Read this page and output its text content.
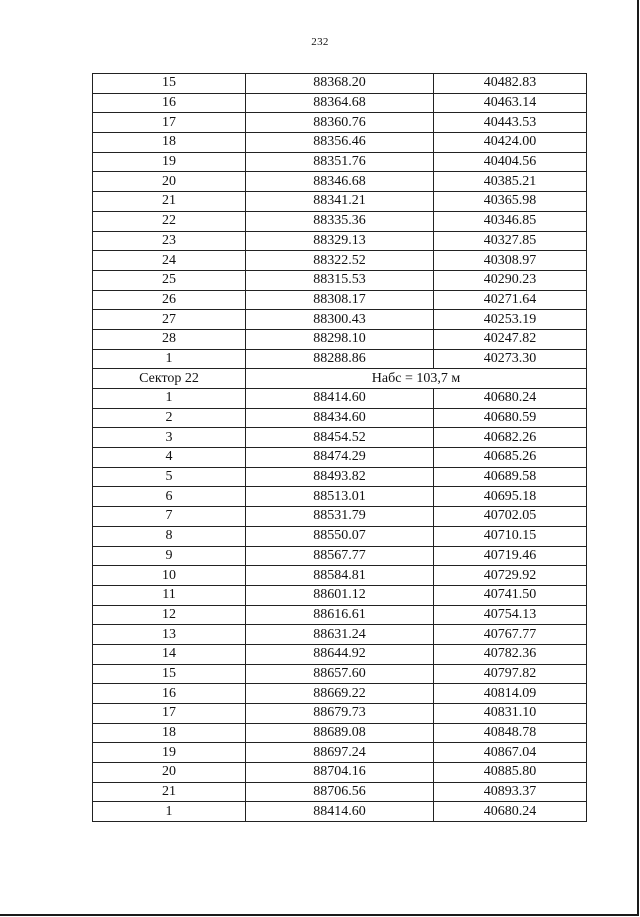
232
15	88368.20	40482.83
16	88364.68	40463.14
17	88360.76	40443.53
18	88356.46	40424.00
19	88351.76	40404.56
20	88346.68	40385.21
21	88341.21	40365.98
22	88335.36	40346.85
23	88329.13	40327.85
24	88322.52	40308.97
25	88315.53	40290.23
26	88308.17	40271.64
27	88300.43	40253.19
28	88298.10	40247.82
1	88288.86	40273.30
Сектор 22	Набс = 103,7 м	
1	88414.60	40680.24
2	88434.60	40680.59
3	88454.52	40682.26
4	88474.29	40685.26
5	88493.82	40689.58
6	88513.01	40695.18
7	88531.79	40702.05
8	88550.07	40710.15
9	88567.77	40719.46
10	88584.81	40729.92
11	88601.12	40741.50
12	88616.61	40754.13
13	88631.24	40767.77
14	88644.92	40782.36
15	88657.60	40797.82
16	88669.22	40814.09
17	88679.73	40831.10
18	88689.08	40848.78
19	88697.24	40867.04
20	88704.16	40885.80
21	88706.56	40893.37
1	88414.60	40680.24
